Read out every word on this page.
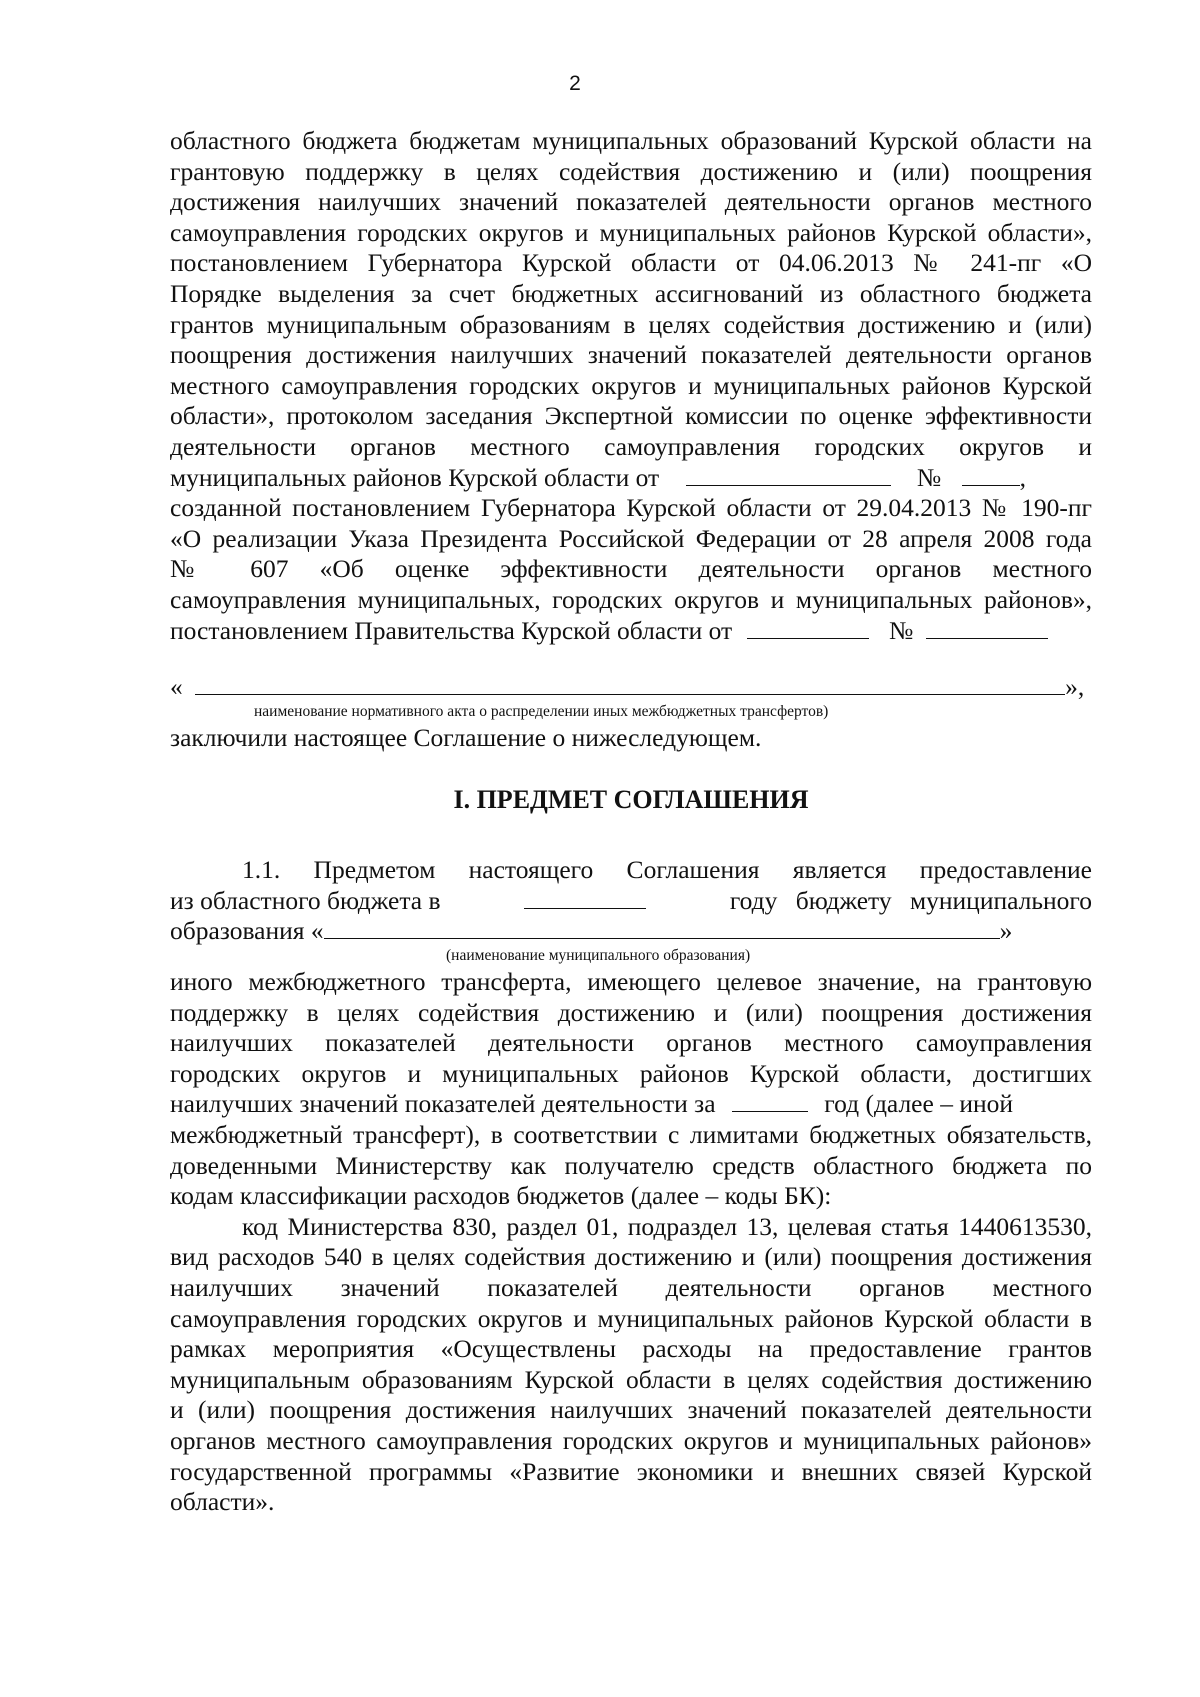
2
областного бюджета бюджетам муниципальных образований Курской области на
грантовую поддержку в целях содействия достижению и (или) поощрения
достижения наилучших значений показателей деятельности органов местного
самоуправления городских округов и муниципальных районов Курской области»,
постановлением Губернатора Курской области от 04.06.2013 № 241-пг «О
Порядке выделения за счет бюджетных ассигнований из областного бюджета
грантов муниципальным образованиям в целях содействия достижению и (или)
поощрения достижения наилучших значений показателей деятельности органов
местного самоуправления городских округов и муниципальных районов Курской
области», протоколом заседания Экспертной комиссии по оценке эффективности
деятельности органов местного самоуправления городских округов и
муниципальных районов Курской области от	№	,
созданной постановлением Губернатора Курской области от 29.04.2013 № 190-пг
«О реализации Указа Президента Российской Федерации от 28 апреля 2008 года
№ 607 «Об оценке эффективности деятельности органов местного
самоуправления муниципальных, городских округов и муниципальных районов»,
постановлением Правительства Курской области от	№
«	»,
наименование нормативного акта о распределении иных межбюджетных трансфертов)
заключили настоящее Соглашение о нижеследующем.
I. ПРЕДМЕТ СОГЛАШЕНИЯ
1.1. Предметом настоящего Соглашения является предоставление
из областного бюджета в	году бюджету муниципального
образования «	»
(наименование муниципального образования)
иного межбюджетного трансферта, имеющего целевое значение, на грантовую
поддержку в целях содействия достижению и (или) поощрения достижения
наилучших показателей деятельности органов местного самоуправления
городских округов и муниципальных районов Курской области, достигших
наилучших значений показателей деятельности за	год (далее – иной
межбюджетный трансферт), в соответствии с лимитами бюджетных обязательств,
доведенными Министерству как получателю средств областного бюджета по
кодам классификации расходов бюджетов (далее – коды БК):
код Министерства 830, раздел 01, подраздел 13, целевая статья 1440613530,
вид расходов 540 в целях содействия достижению и (или) поощрения достижения
наилучших значений показателей деятельности органов местного
самоуправления городских округов и муниципальных районов Курской области в
рамках мероприятия «Осуществлены расходы на предоставление грантов
муниципальным образованиям Курской области в целях содействия достижению
и (или) поощрения достижения наилучших значений показателей деятельности
органов местного самоуправления городских округов и муниципальных районов»
государственной программы «Развитие экономики и внешних связей Курской
области».
